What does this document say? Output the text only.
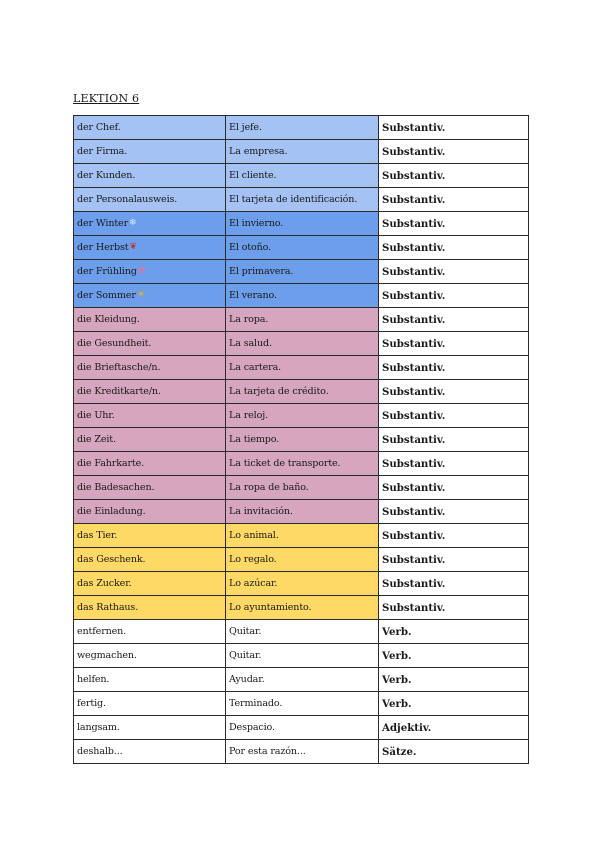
LEKTION 6
der Chef.	El jefe.	Substantiv.
der Firma.	La empresa.	Substantiv.
der Kunden.	El cliente.	Substantiv.
der Personalausweis.	El tarjeta de identificación.	Substantiv.
der Winter❄	El invierno.	Substantiv.
der Herbst❦	El otoño.	Substantiv.
der Frühling✿	El primavera.	Substantiv.
der Sommer☀	El verano.	Substantiv.
die Kleidung.	La ropa.	Substantiv.
die Gesundheit.	La salud.	Substantiv.
die Brieftasche/n.	La cartera.	Substantiv.
die Kreditkarte/n.	La tarjeta de crédito.	Substantiv.
die Uhr.	La reloj.	Substantiv.
die Zeit.	La tiempo.	Substantiv.
die Fahrkarte.	La ticket de transporte.	Substantiv.
die Badesachen.	La ropa de baño.	Substantiv.
die Einladung.	La invitación.	Substantiv.
das Tier.	Lo animal.	Substantiv.
das Geschenk.	Lo regalo.	Substantiv.
das Zucker.	Lo azúcar.	Substantiv.
das Rathaus.	Lo ayuntamiento.	Substantiv.
entfernen.	Quitar.	Verb.
wegmachen.	Quitar.	Verb.
helfen.	Ayudar.	Verb.
fertig.	Terminado.	Verb.
langsam.	Despacio.	Adjektiv.
deshalb...	Por esta razón...	Sätze.
